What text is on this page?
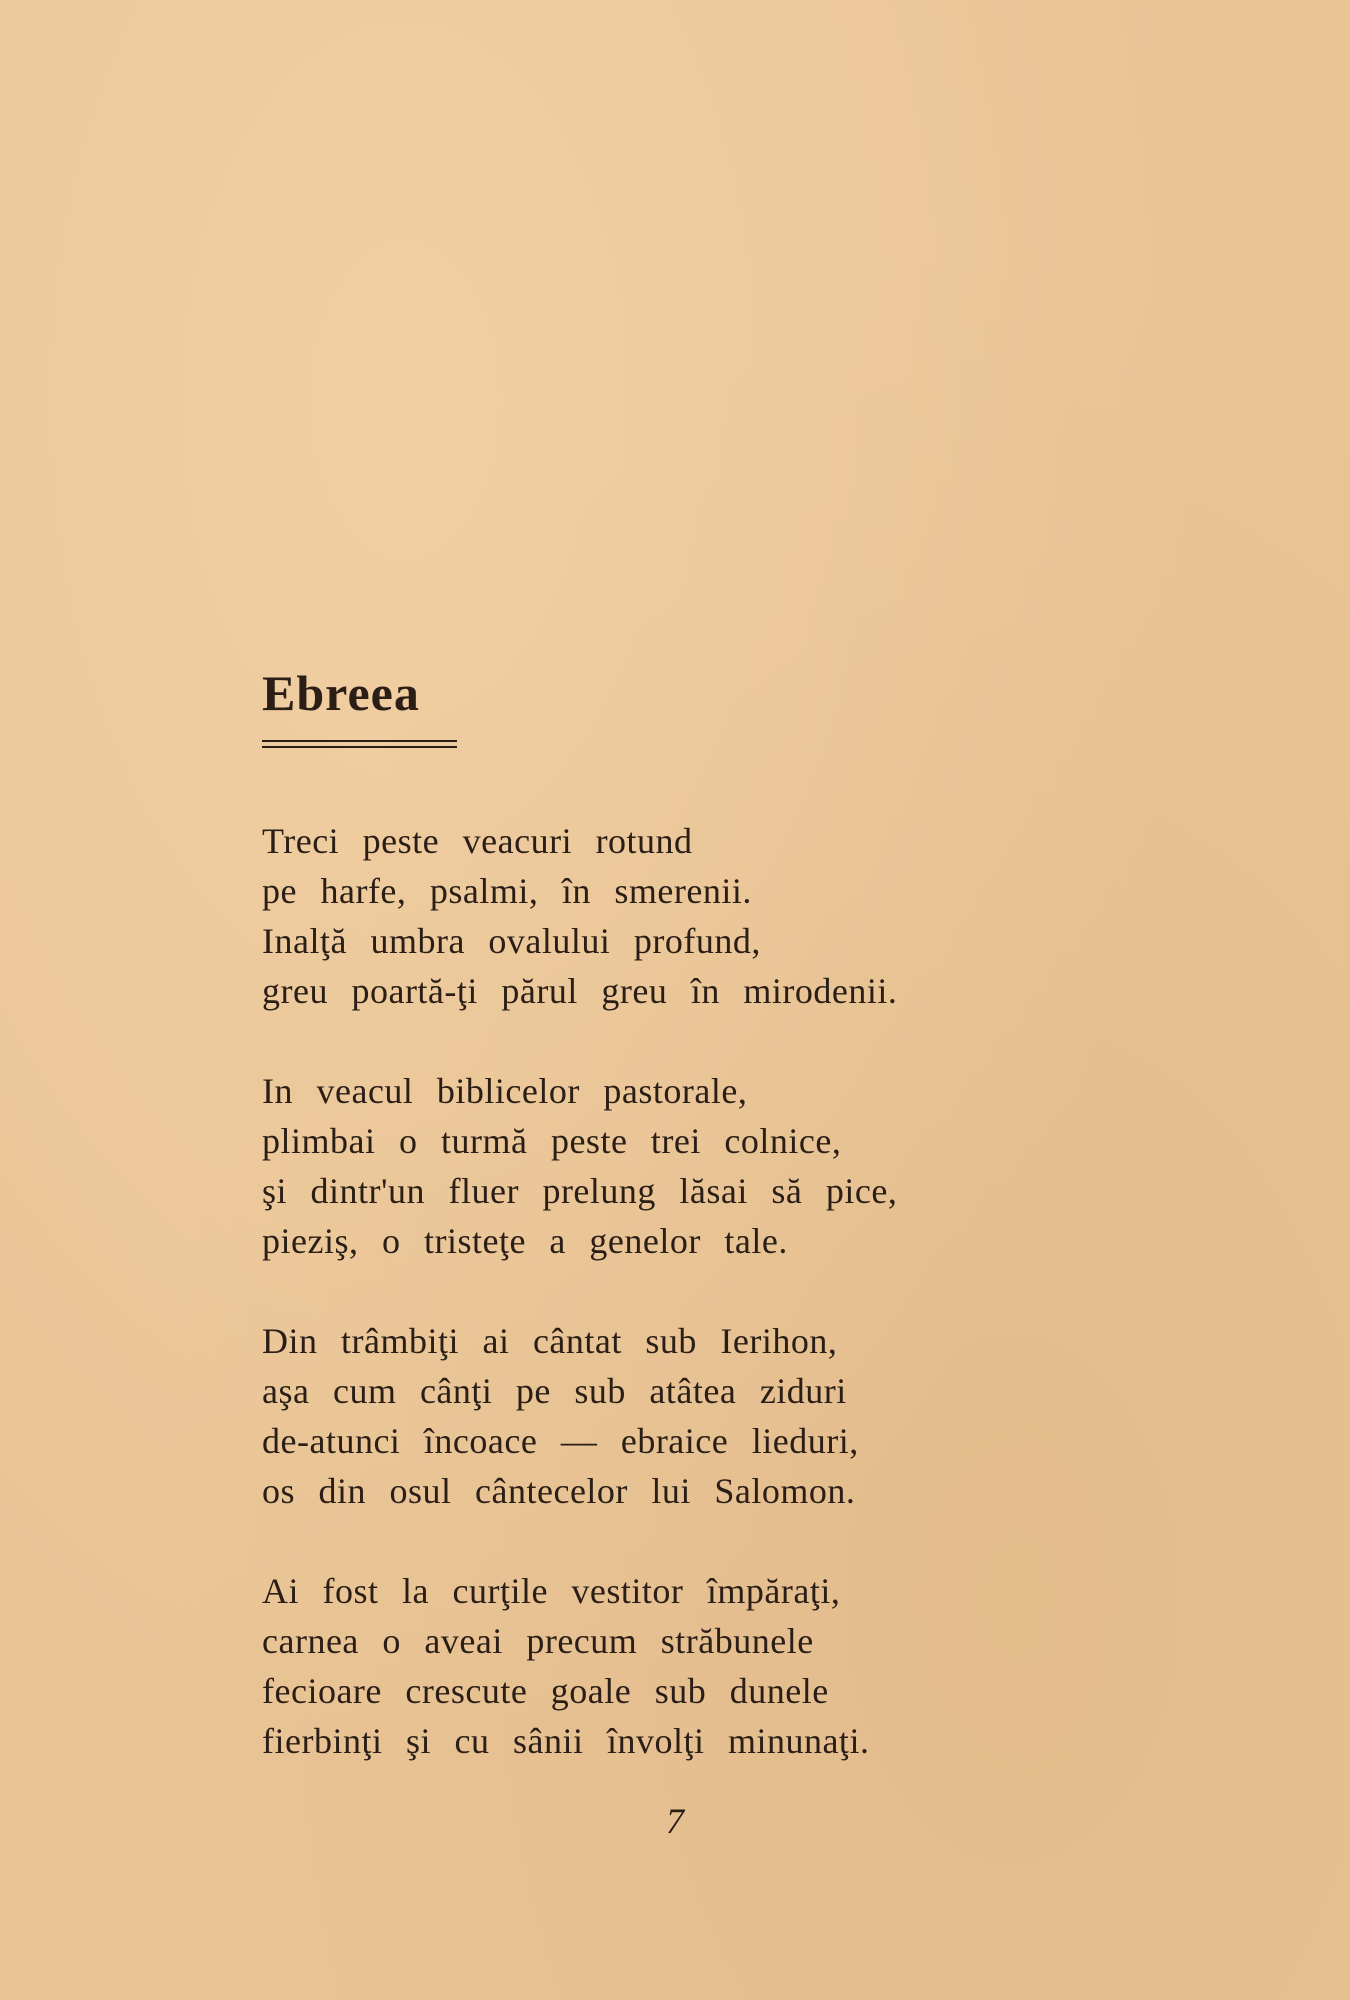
Ebreea
Treci peste veacuri rotund
pe harfe, psalmi, în smerenii.
Inalţă umbra ovalului profund,
greu poartă-ţi părul greu în mirodenii.
In veacul biblicelor pastorale,
plimbai o turmă peste trei colnice,
şi dintr'un fluer prelung lăsai să pice,
pieziş, o tristeţe a genelor tale.
Din trâmbiţi ai cântat sub Ierihon,
aşa cum cânţi pe sub atâtea ziduri
de-atunci încoace — ebraice lieduri,
os din osul cântecelor lui Salomon.
Ai fost la curţile vestitor împăraţi,
carnea o aveai precum străbunele
fecioare crescute goale sub dunele
fierbinţi şi cu sânii învolţi minunaţi.
7
